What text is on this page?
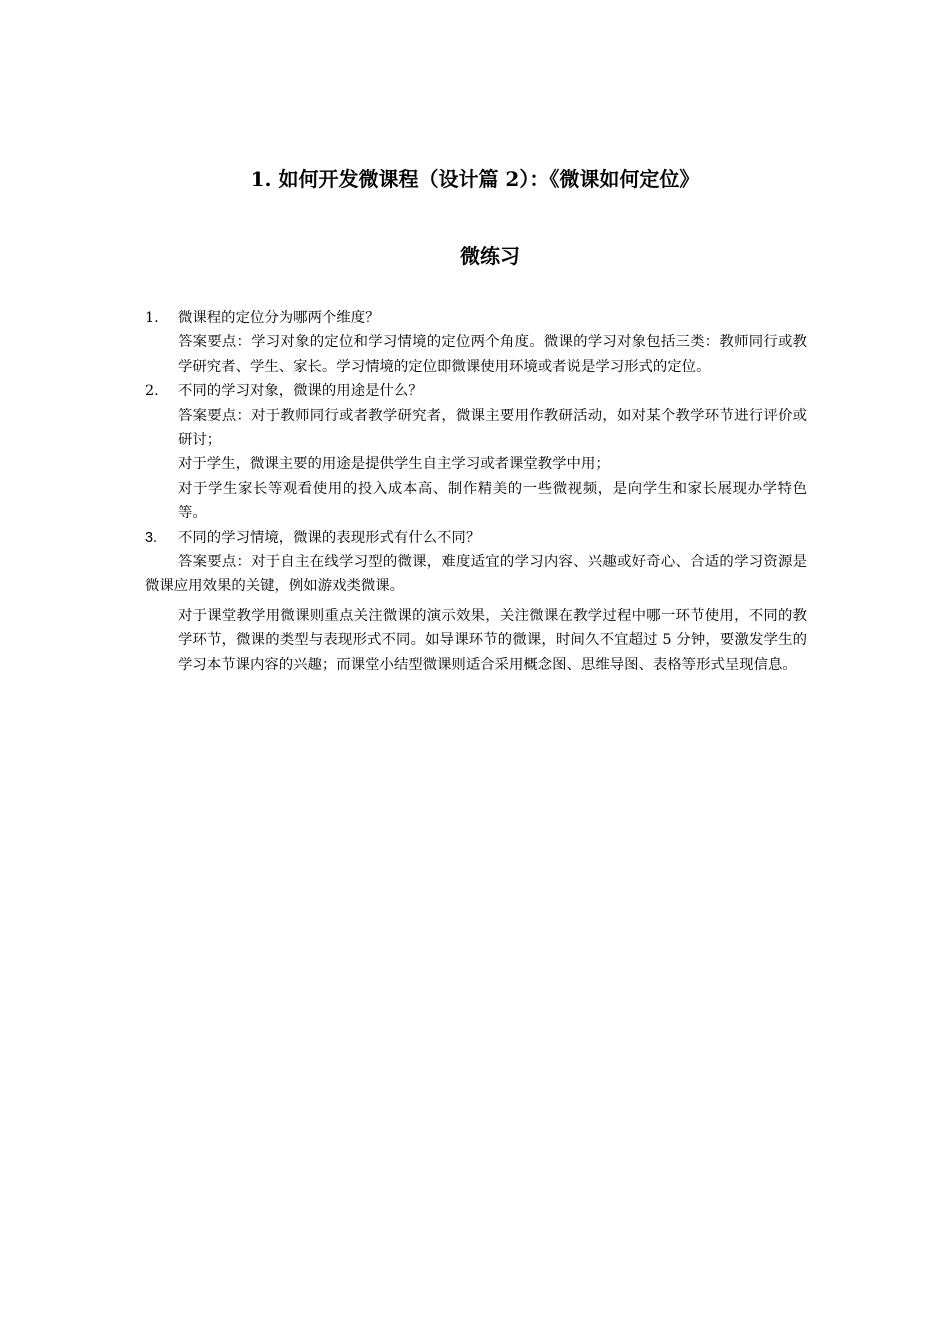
1. 如何开发微课程（设计篇 2）：《微课如何定位》
微练习
1.	微课程的定位分为哪两个维度？
答案要点：学习对象的定位和学习情境的定位两个角度。微课的学习对象包括三类：教师同行或教学研究者、学生、家长。学习情境的定位即微课使用环境或者说是学习形式的定位。
2.	不同的学习对象，微课的用途是什么？
答案要点：对于教师同行或者教学研究者，微课主要用作教研活动，如对某个教学环节进行评价或研讨；
对于学生，微课主要的用途是提供学生自主学习或者课堂教学中用；
对于学生家长等观看使用的投入成本高、制作精美的一些微视频，是向学生和家长展现办学特色等。
3.	不同的学习情境，微课的表现形式有什么不同？
答案要点：对于自主在线学习型的微课，难度适宜的学习内容、兴趣或好奇心、合适的学习资源是微课应用效果的关键，例如游戏类微课。
对于课堂教学用微课则重点关注微课的演示效果，关注微课在教学过程中哪一环节使用，不同的教学环节，微课的类型与表现形式不同。如导课环节的微课，时间久不宜超过 5 分钟，要激发学生的学习本节课内容的兴趣；而课堂小结型微课则适合采用概念图、思维导图、表格等形式呈现信息。
